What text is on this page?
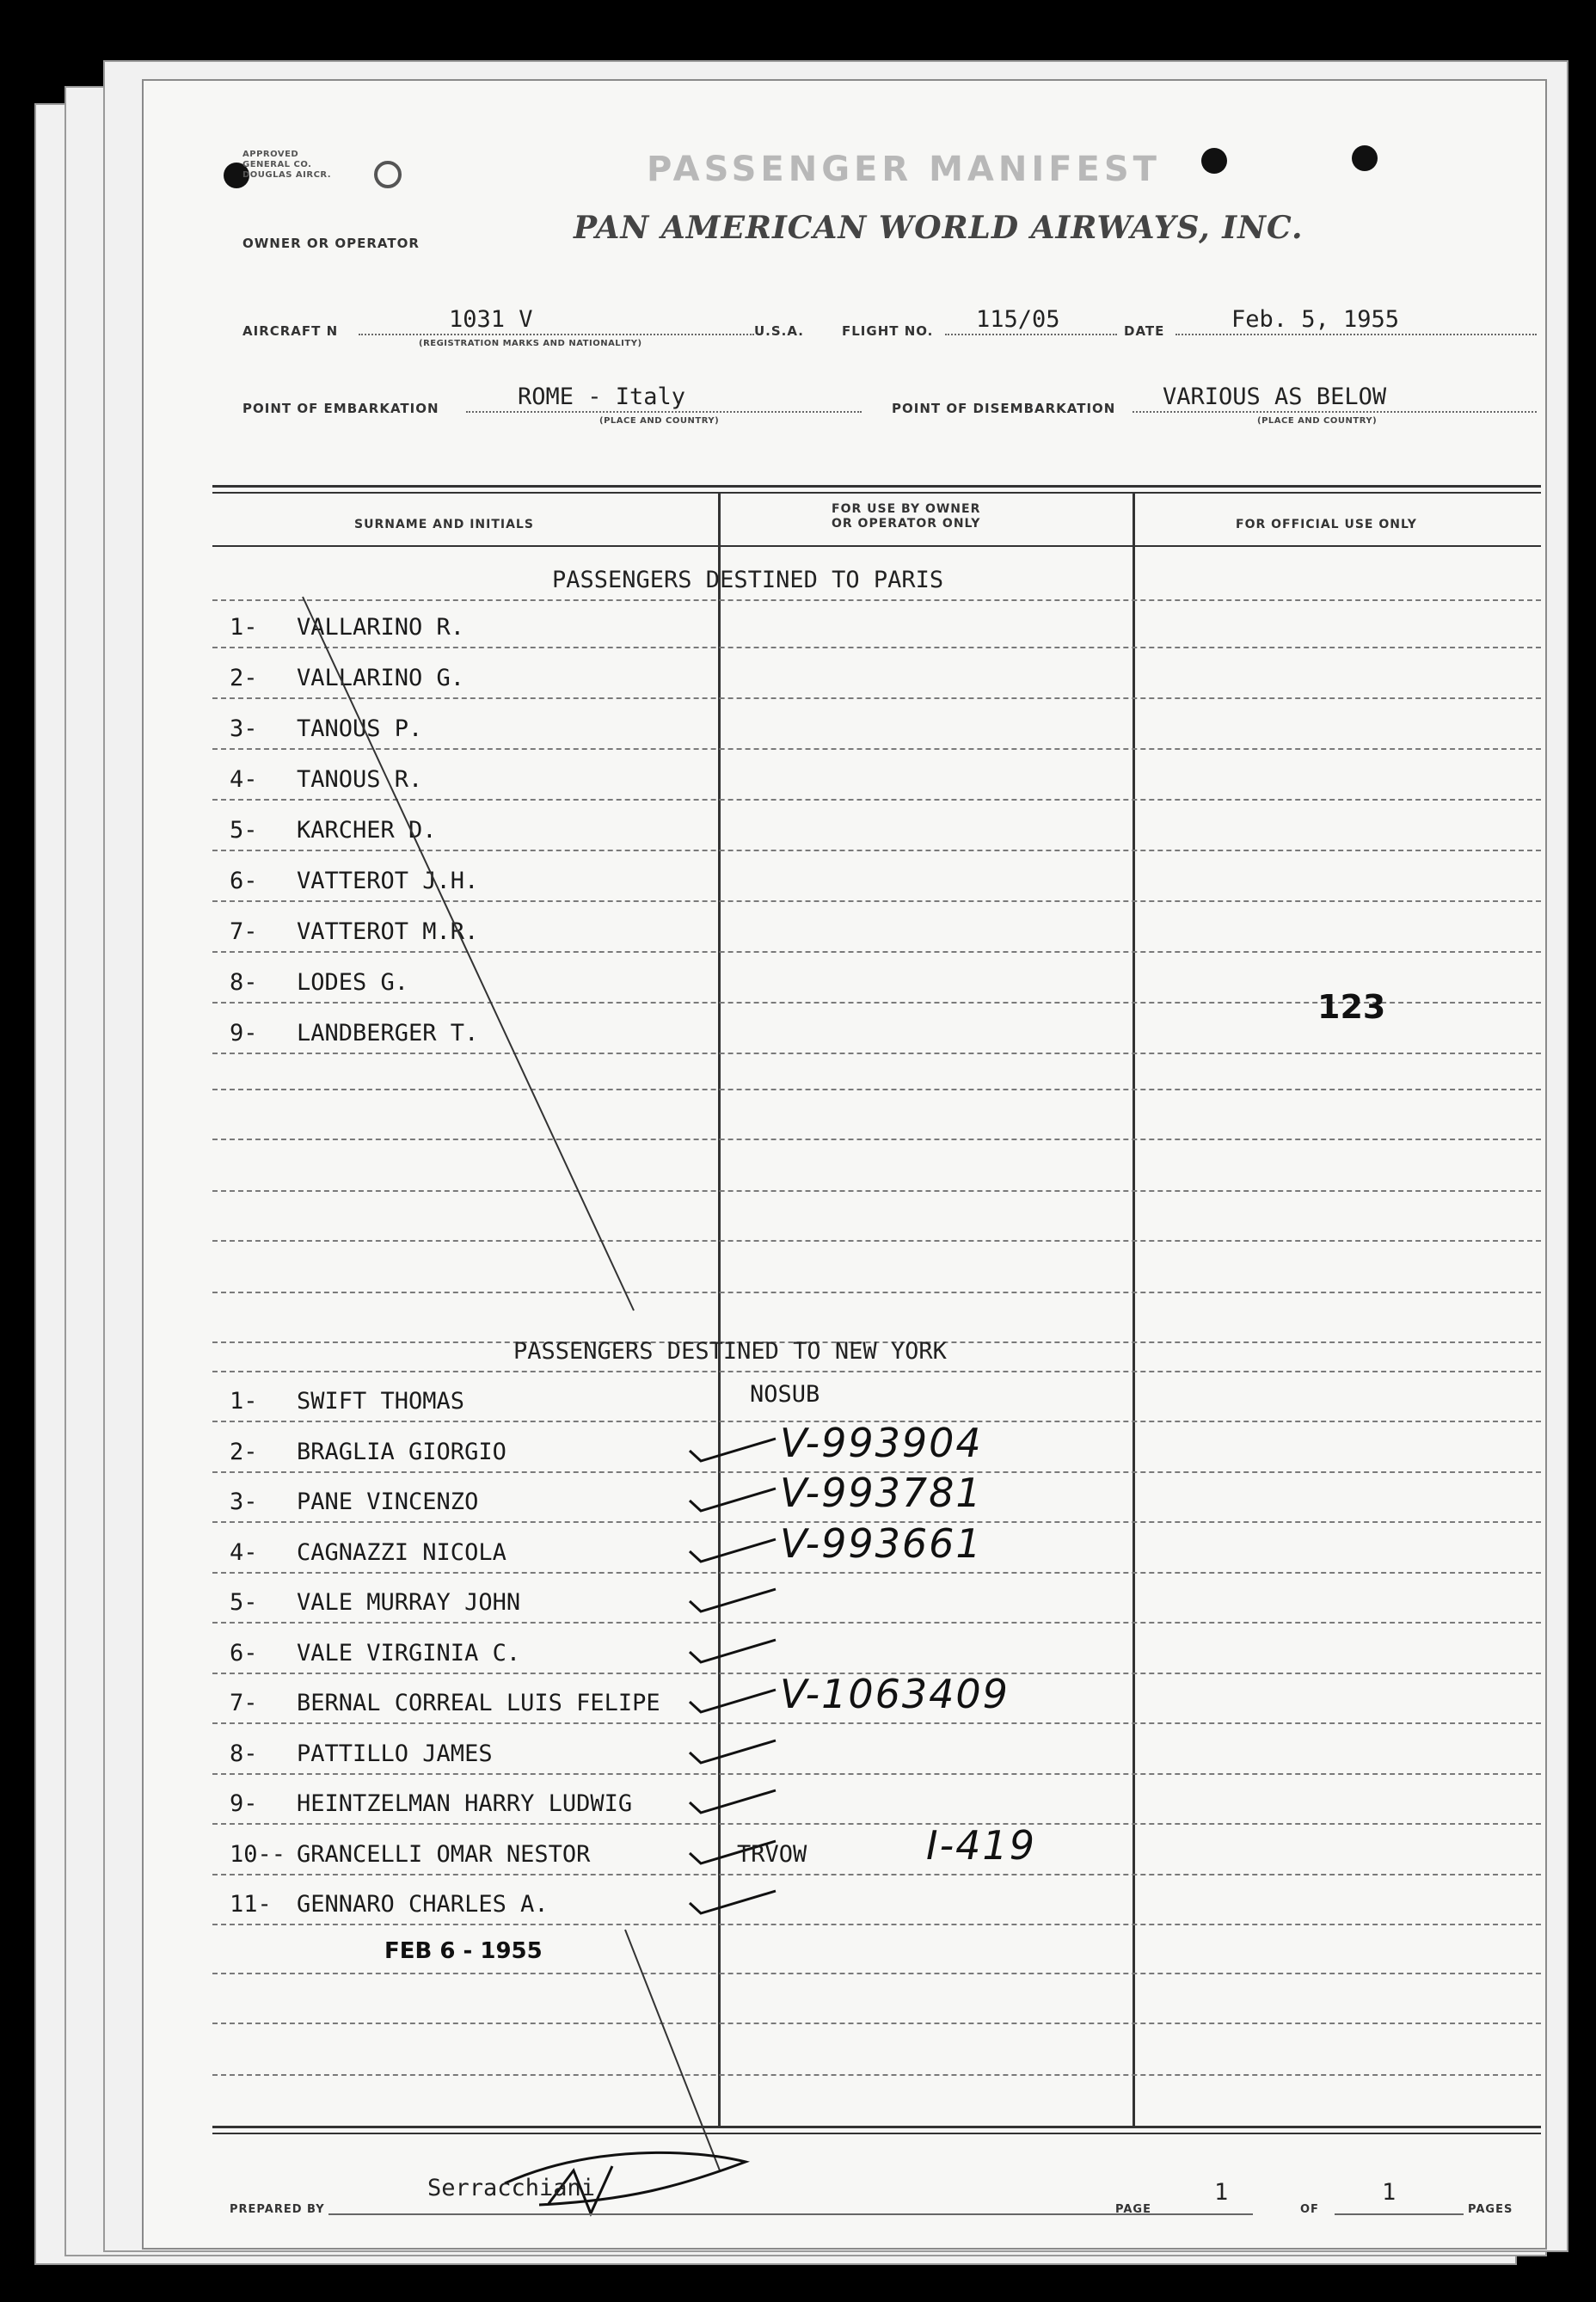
APPROVED
GENERAL CO.
DOUGLAS AIRCR.	PASSENGER MANIFEST
OWNER OR OPERATOR	PAN AMERICAN WORLD AIRWAYS, INC.
AIRCRAFT N	1031 V
(REGISTRATION MARKS AND NATIONALITY)
U.S.A.	FLIGHT NO. 115/05	DATE	Feb. 5, 1955
POINT OF EMBARKATION	ROME - Italy
(PLACE AND COUNTRY)
POINT OF DISEMBARKATION VARIOUS AS BELOW
(PLACE AND COUNTRY)
SURNAME AND INITIALS
FOR USE BY OWNER
OR OPERATOR ONLY	FOR OFFICIAL USE ONLY
PASSENGERS DESTINED TO PARIS
1- VALLARINO R.
2- VALLARINO G.
3- TANOUS P.
4- TANOUS R.
5- KARCHER D.
6- VATTEROT J.H.
7- VATTEROT M.R.
8- LODES G.
9- LANDBERGER T.
123
PASSENGERS DESTINED TO NEW YORK
1- SWIFT THOMAS	NOSUB
2- BRAGLIA GIORGIO	V-993904
3- PANE VINCENZO	V-993781
4- CAGNAZZI NICOLA	V-993661
5- VALE MURRAY JOHN
6- VALE VIRGINIA C.
7- BERNAL CORREAL LUIS FELIPE	V-1063409
8- PATTILLO JAMES
9- HEINTZELMAN HARRY LUDWIG
10-- GRANCELLI OMAR NESTOR	TRVOW	I-419
11- GENNARO CHARLES A.
FEB 6 - 1955
PREPARED BY
Serracchiani
PAGE
1
OF
1
PAGES
